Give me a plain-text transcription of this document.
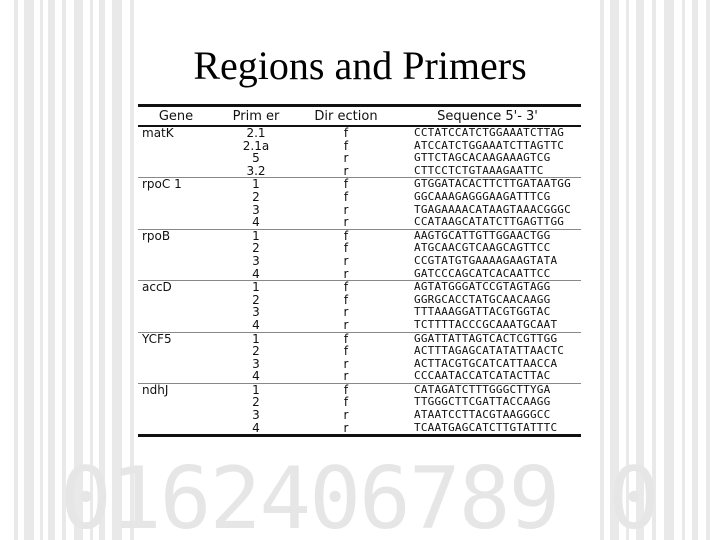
0162406789 0
Regions and Primers
Gene	Prim er	Dir ection	Sequence 5'- 3'
matK	2.1	f	CCTATCCATCTGGAAATCTTAG
	2.1a	f	ATCCATCTGGAAATCTTAGTTC
	5	r	GTTCTAGCACAAGAAAGTCG
	3.2	r	CTTCCTCTGTAAAGAATTC
rpoC 1	1	f	GTGGATACACTTCTTGATAATGG
	2	f	GGCAAAGAGGGAAGATTTCG
	3	r	TGAGAAAACATAAGTAAACGGGC
	4	r	CCATAAGCATATCTTGAGTTGG
rpoB	1	f	AAGTGCATTGTTGGAACTGG
	2	f	ATGCAACGTCAAGCAGTTCC
	3	r	CCGTATGTGAAAAGAAGTATA
	4	r	GATCCCAGCATCACAATTCC
accD	1	f	AGTATGGGATCCGTAGTAGG
	2	f	GGRGCACCTATGCAACAAGG
	3	r	TTTAAAGGATTACGTGGTAC
	4	r	TCTTTTACCCGCAAATGCAAT
YCF5	1	f	GGATTATTAGTCACTCGTTGG
	2	f	ACTTTAGAGCATATATTAACTC
	3	r	ACTTACGTGCATCATTAACCA
	4	r	CCCAATACCATCATACTTAC
ndhJ	1	f	CATAGATCTTTGGGCTTYGA
	2	f	TTGGGCTTCGATTACCAAGG
	3	r	ATAATCCTTACGTAAGGGCC
	4	r	TCAATGAGCATCTTGTATTTC
